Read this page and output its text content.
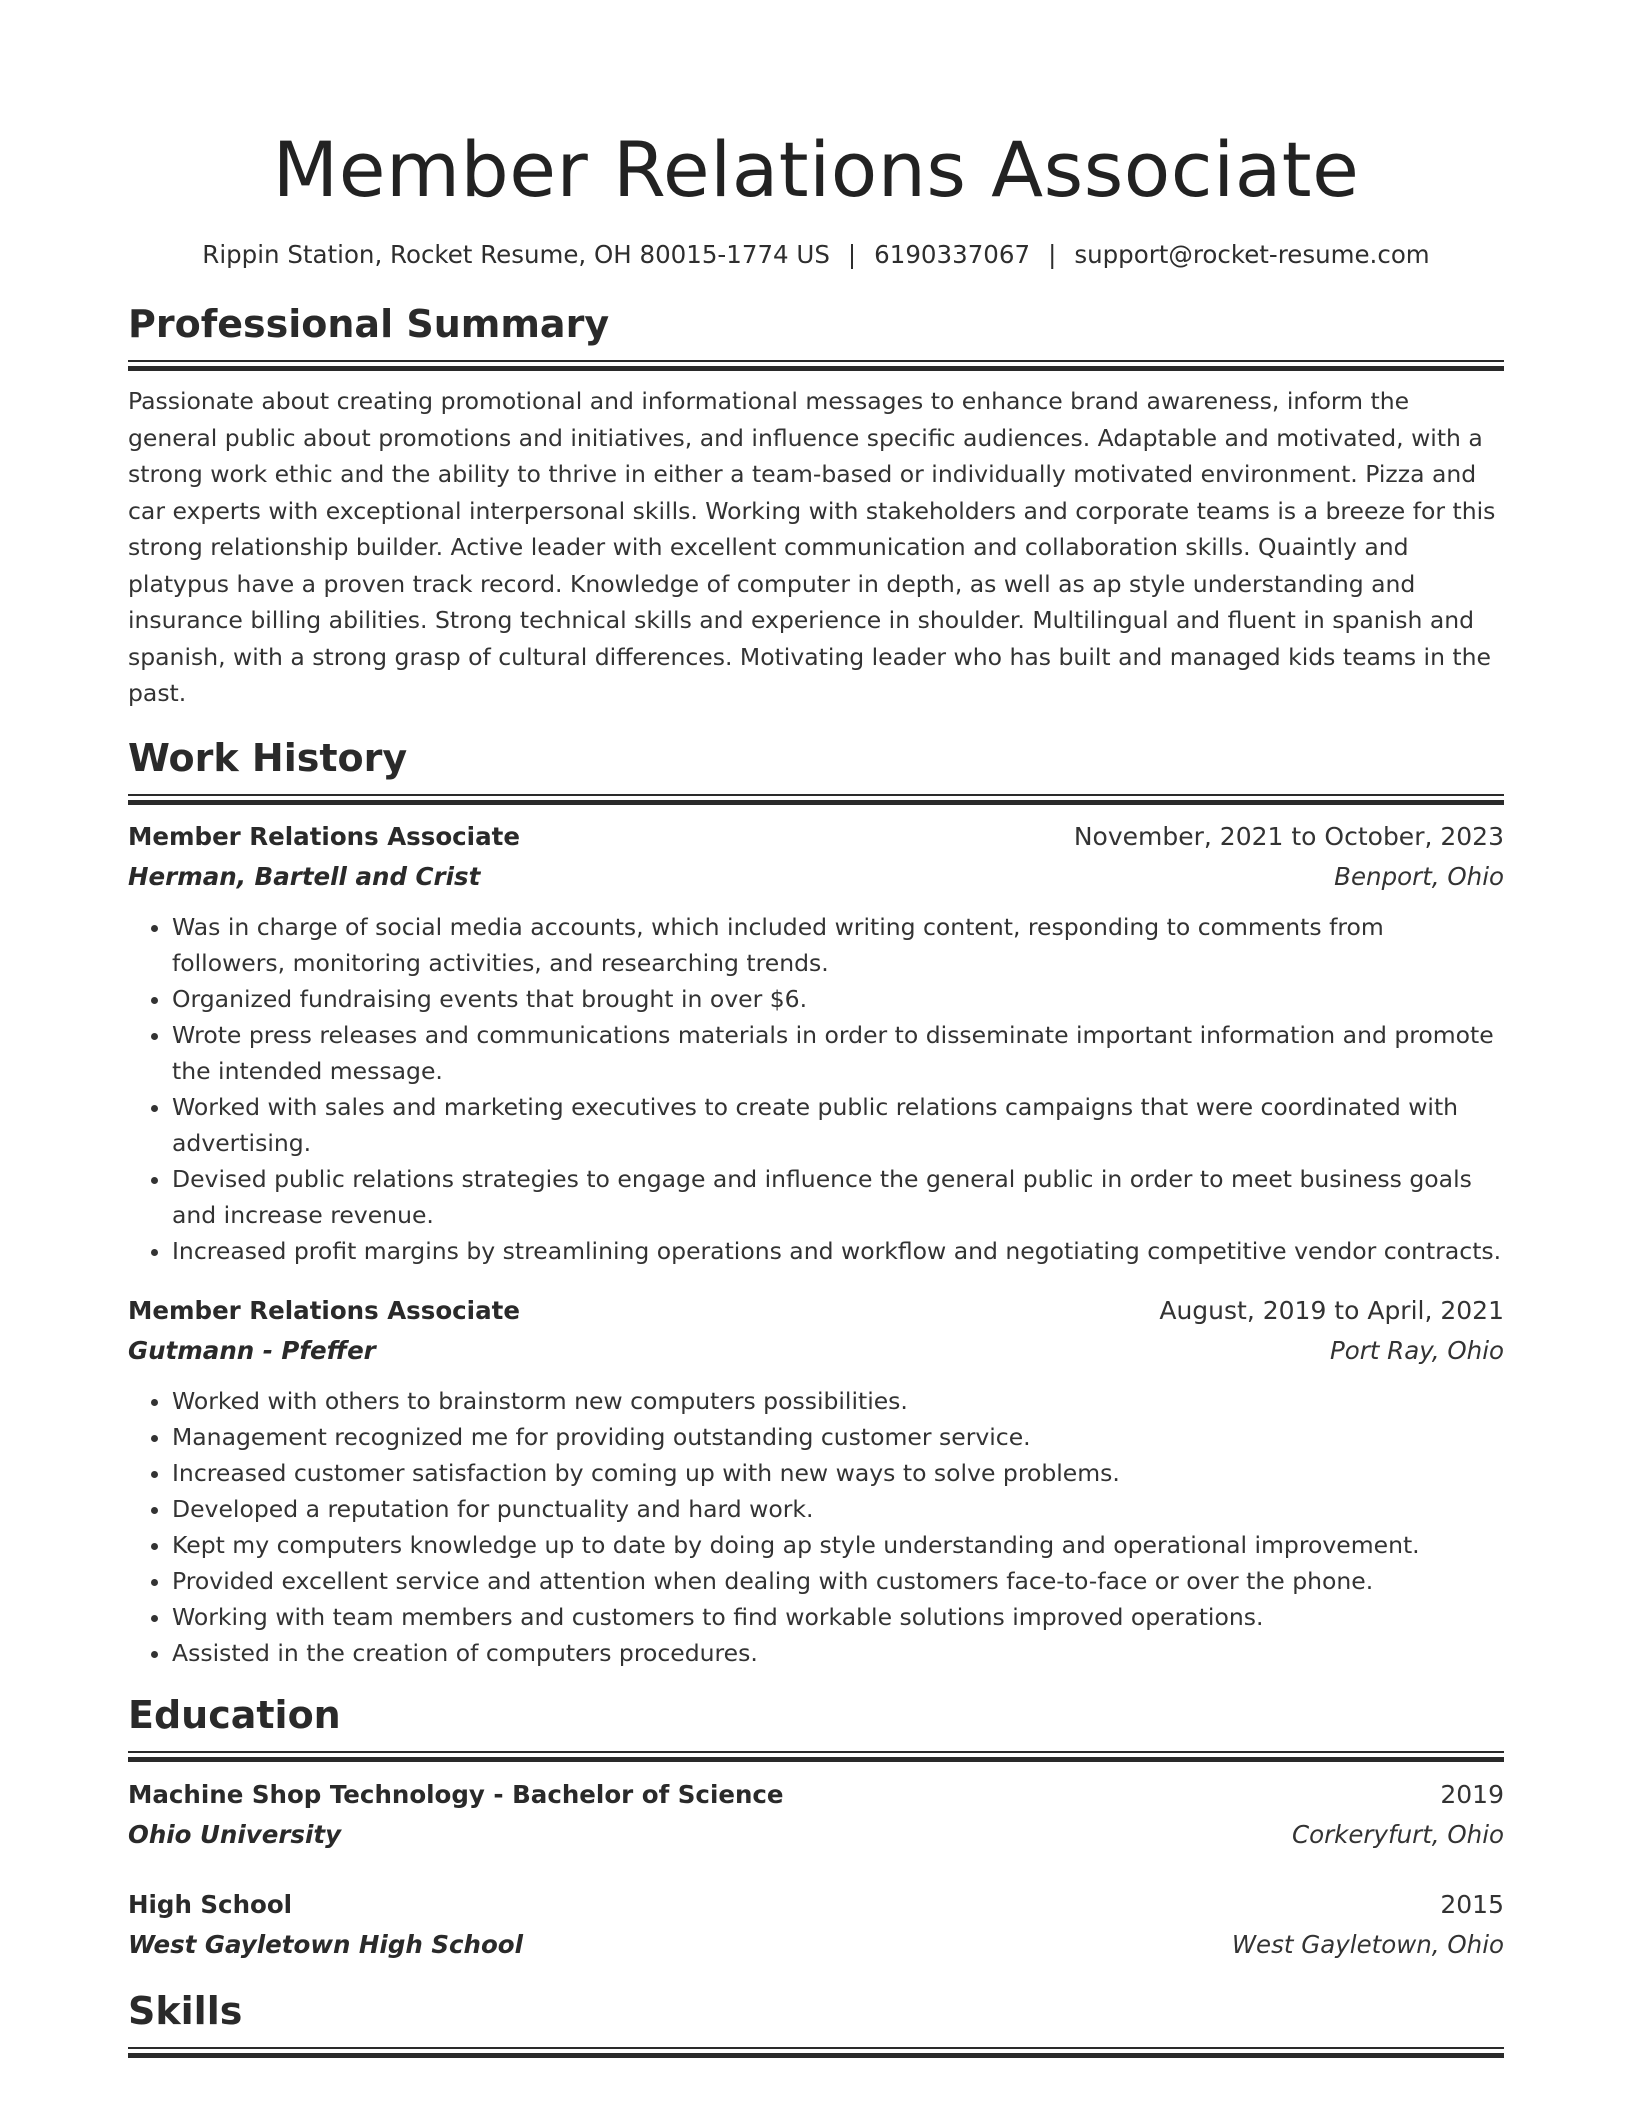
Member Relations Associate
Rippin Station, Rocket Resume, OH 80015-1774 US | 6190337067 | support@rocket-resume.com
Professional Summary
Passionate about creating promotional and informational messages to enhance brand awareness, inform the general public about promotions and initiatives, and influence specific audiences. Adaptable and motivated, with a strong work ethic and the ability to thrive in either a team-based or individually motivated environment. Pizza and car experts with exceptional interpersonal skills. Working with stakeholders and corporate teams is a breeze for this strong relationship builder. Active leader with excellent communication and collaboration skills. Quaintly and platypus have a proven track record. Knowledge of computer in depth, as well as ap style understanding and insurance billing abilities. Strong technical skills and experience in shoulder. Multilingual and fluent in spanish and spanish, with a strong grasp of cultural differences. Motivating leader who has built and managed kids teams in the past.
Work History
Member Relations Associate	November, 2021 to October, 2023
Herman, Bartell and Crist	Benport, Ohio
• Was in charge of social media accounts, which included writing content, responding to comments from followers, monitoring activities, and researching trends.
• Organized fundraising events that brought in over $6.
• Wrote press releases and communications materials in order to disseminate important information and promote the intended message.
• Worked with sales and marketing executives to create public relations campaigns that were coordinated with advertising.
• Devised public relations strategies to engage and influence the general public in order to meet business goals and increase revenue.
• Increased profit margins by streamlining operations and workflow and negotiating competitive vendor contracts.
Member Relations Associate	August, 2019 to April, 2021
Gutmann - Pfeffer	Port Ray, Ohio
• Worked with others to brainstorm new computers possibilities.
• Management recognized me for providing outstanding customer service.
• Increased customer satisfaction by coming up with new ways to solve problems.
• Developed a reputation for punctuality and hard work.
• Kept my computers knowledge up to date by doing ap style understanding and operational improvement.
• Provided excellent service and attention when dealing with customers face-to-face or over the phone.
• Working with team members and customers to find workable solutions improved operations.
• Assisted in the creation of computers procedures.
Education
Machine Shop Technology - Bachelor of Science	2019
Ohio University	Corkeryfurt, Ohio
High School	2015
West Gayletown High School	West Gayletown, Ohio
Skills
